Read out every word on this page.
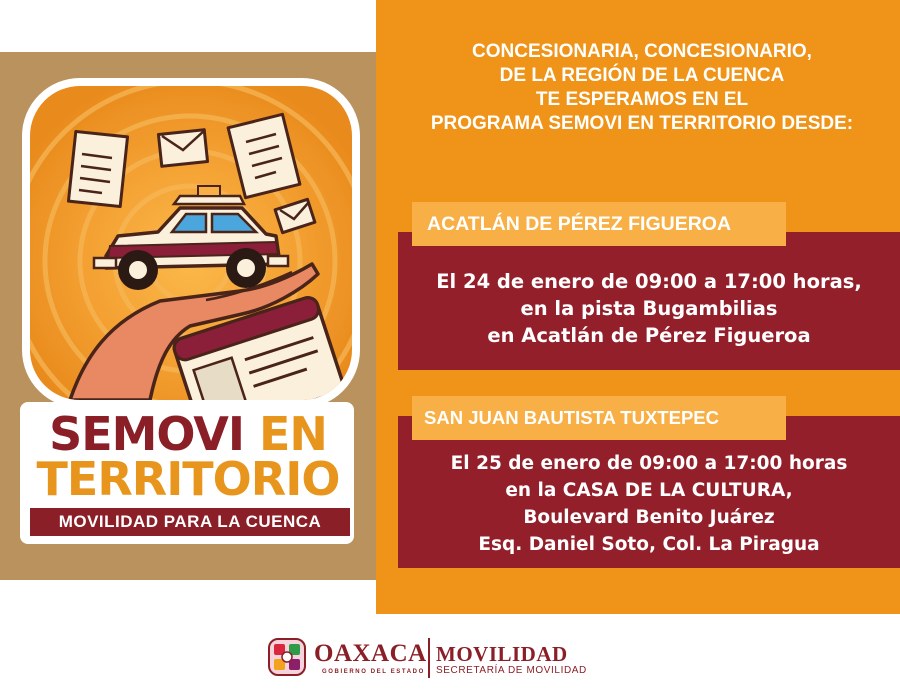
SEMOVI EN
TERRITORIO
MOVILIDAD PARA LA CUENCA
CONCESIONARIA, CONCESIONARIO,
DE LA REGIÓN DE LA CUENCA
TE ESPERAMOS EN EL
PROGRAMA SEMOVI EN TERRITORIO DESDE:
El 24 de enero de 09:00 a 17:00 horas,
en la pista Bugambilias
en Acatlán de Pérez Figueroa
ACATLÁN DE PÉREZ FIGUEROA
El 25 de enero de 09:00 a 17:00 horas
en la CASA DE LA CULTURA,
Boulevard Benito Juárez
Esq. Daniel Soto, Col. La Piragua
SAN JUAN BAUTISTA TUXTEPEC
OAXACA
GOBIERNO DEL ESTADO
MOVILIDAD
SECRETARÍA DE MOVILIDAD
